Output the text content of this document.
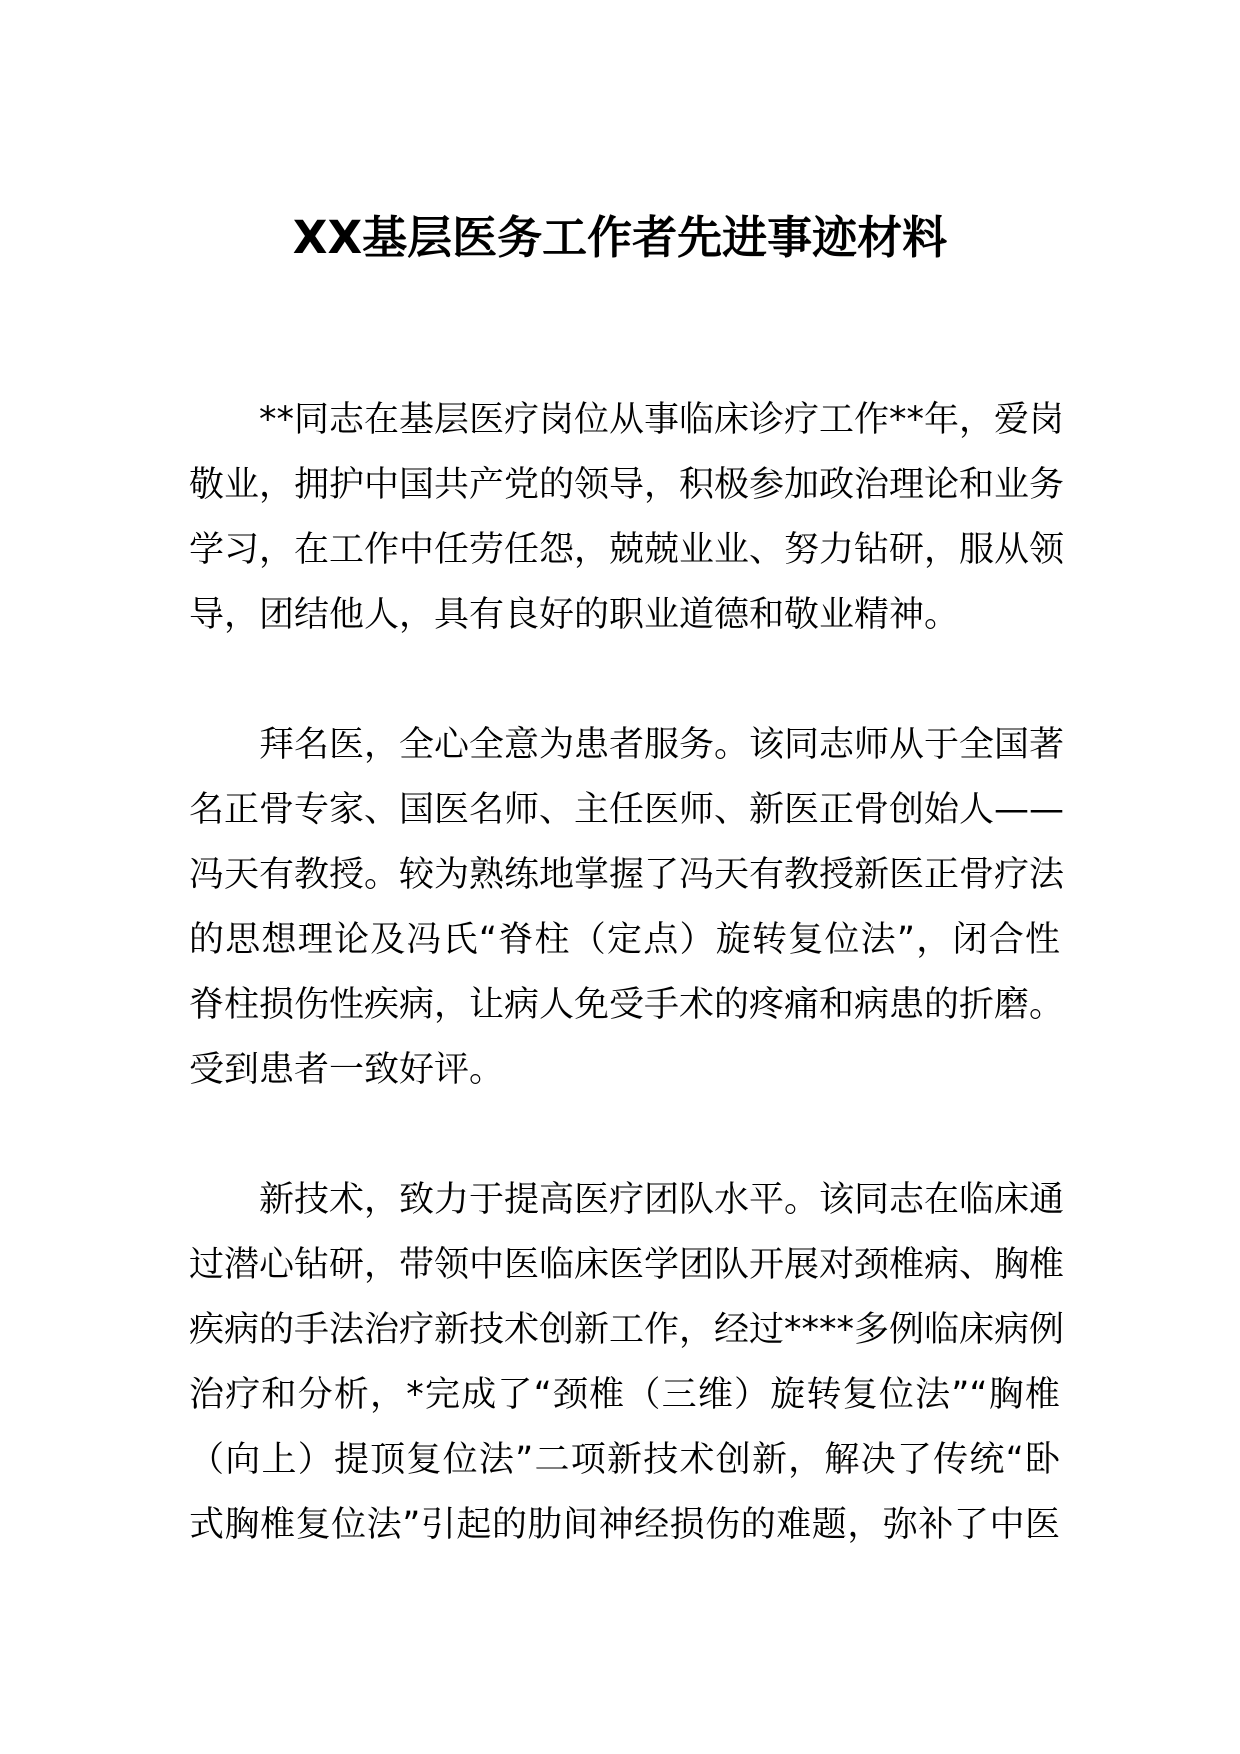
XX基层医务工作者先进事迹材料
**同志在基层医疗岗位从事临床诊疗工作**年，爱岗
敬业，拥护中国共产党的领导，积极参加政治理论和业务
学习，在工作中任劳任怨，兢兢业业、努力钻研，服从领
导，团结他人，具有良好的职业道德和敬业精神。
拜名医，全心全意为患者服务。该同志师从于全国著
名正骨专家、国医名师、主任医师、新医正骨创始人——
冯天有教授。较为熟练地掌握了冯天有教授新医正骨疗法
的思想理论及冯氏“脊柱（定点）旋转复位法”，闭合性
脊柱损伤性疾病，让病人免受手术的疼痛和病患的折磨。
受到患者一致好评。
新技术，致力于提高医疗团队水平。该同志在临床通
过潜心钻研，带领中医临床医学团队开展对颈椎病、胸椎
疾病的手法治疗新技术创新工作，经过****多例临床病例
治疗和分析，*完成了“颈椎（三维）旋转复位法”“胸椎
（向上）提顶复位法”二项新技术创新，解决了传统“卧
式胸椎复位法”引起的肋间神经损伤的难题，弥补了中医
